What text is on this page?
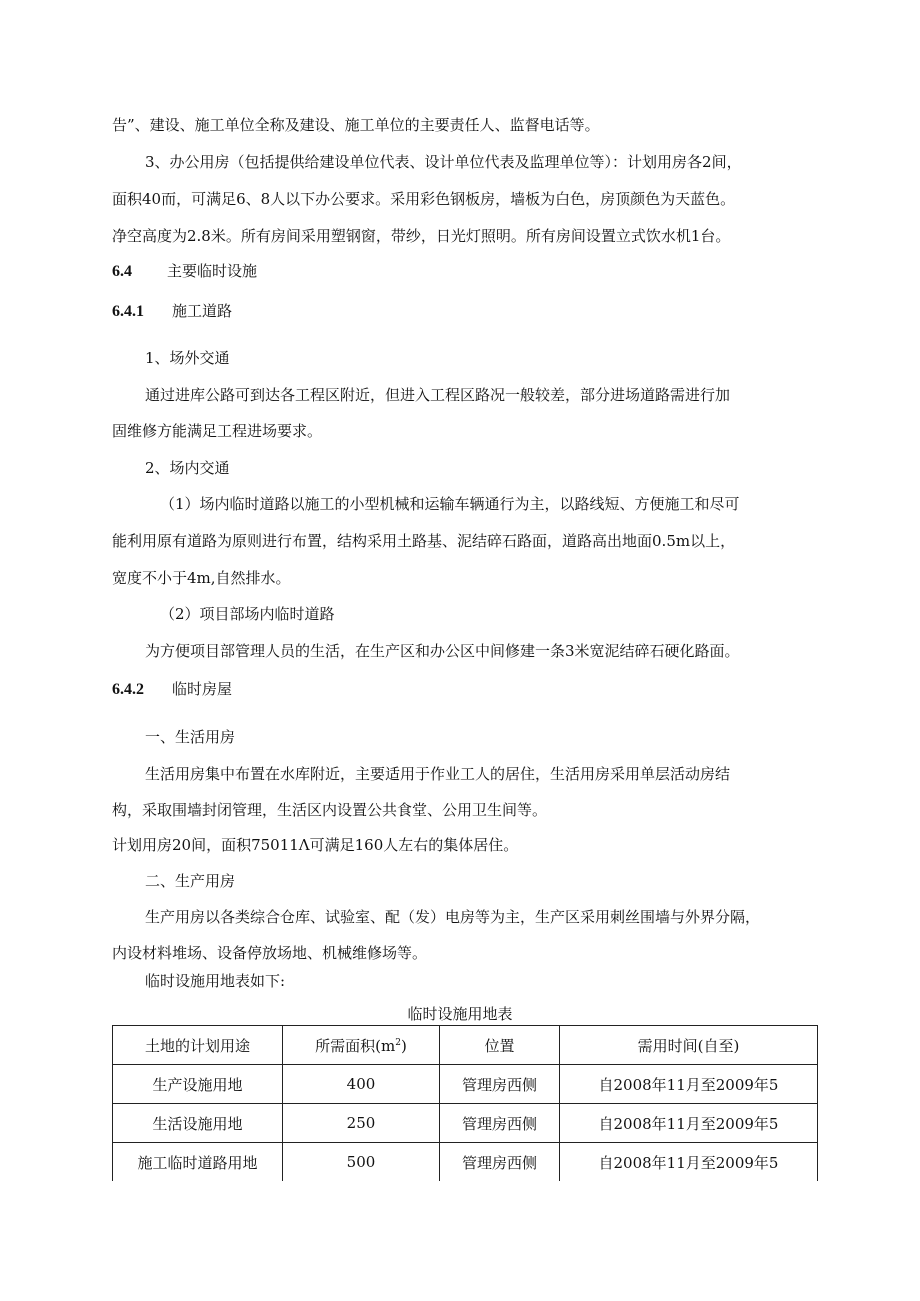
告”、建设、施工单位全称及建设、施工单位的主要责任人、监督电话等。
3、办公用房（包括提供给建设单位代表、设计单位代表及监理单位等）：计划用房各2间，
面积40而，可满足6、8人以下办公要求。采用彩色钢板房，墙板为白色，房顶颜色为天蓝色。
净空高度为2.8米。所有房间采用塑钢窗，带纱，日光灯照明。所有房间设置立式饮水机1台。
6.4 主要临时设施
6.4.1 施工道路
1、场外交通
通过进库公路可到达各工程区附近，但进入工程区路况一般较差，部分进场道路需进行加
固维修方能满足工程进场要求。
2、场内交通
（1）场内临时道路以施工的小型机械和运输车辆通行为主，以路线短、方便施工和尽可
能利用原有道路为原则进行布置，结构采用土路基、泥结碎石路面，道路高出地面0.5m以上，
宽度不小于4m,自然排水。
（2）项目部场内临时道路
为方便项目部管理人员的生活，在生产区和办公区中间修建一条3米宽泥结碎石硬化路面。
6.4.2 临时房屋
一、生活用房
生活用房集中布置在水库附近，主要适用于作业工人的居住，生活用房采用单层活动房结
构，采取围墙封闭管理，生活区内设置公共食堂、公用卫生间等。
计划用房20间，面积75011Λ可满足160人左右的集体居住。
二、生产用房
生产用房以各类综合仓库、试验室、配（发）电房等为主，生产区采用刺丝围墙与外界分隔，
内设材料堆场、设备停放场地、机械维修场等。
临时设施用地表如下:
临时设施用地表
土地的计划用途	所需面积$(m^2)$	位置	需用时间(自至)
生产设施用地	400	管理房西侧	自2008年11月至2009年5
生活设施用地	250	管理房西侧	自2008年11月至2009年5
施工临时道路用地	500	管理房西侧	自2008年11月至2009年5
